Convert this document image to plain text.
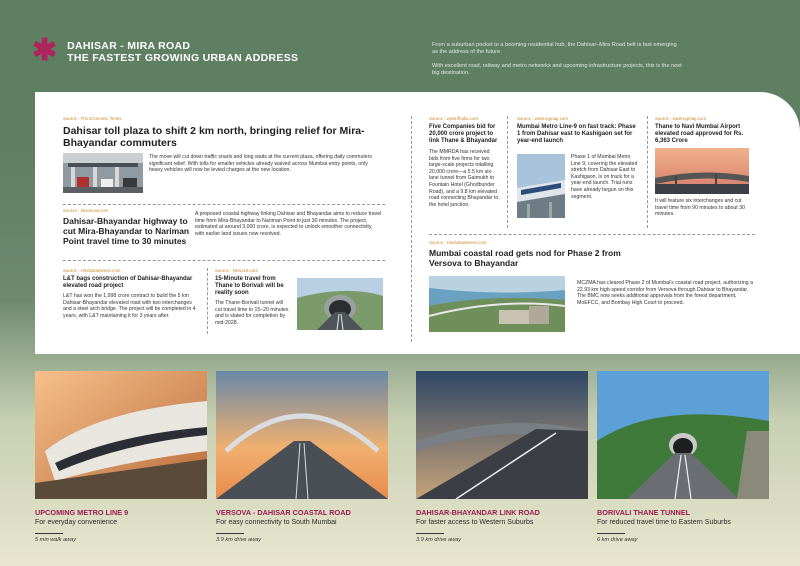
✱ DAHISAR - MIRA ROAD
THE FASTEST GROWING URBAN ADDRESS

From a suburban pocket to a booming residential hub, the Dahisar–Mira Road belt is fast emerging as the address of the future.

With excellent road, railway and metro networks and upcoming infrastructure projects, this is the next big destination.

Source : The Economic Times
Dahisar toll plaza to shift 2 km north, bringing relief for Mira-Bhayandar commuters
The move will cut down traffic snarls and long waits at the current plaza, offering daily commuters significant relief. With tolls for smaller vehicles already waived across Mumbai entry points, only heavy vehicles will now be levied charges at the new location.
Source : timesnow.com
Dahisar-Bhayandar highway to cut Mira-Bhayandar to Nariman Point travel time to 30 minutes
A proposed coastal highway linking Dahisar and Bhayandar aims to reduce travel time from Mira-Bhayandar to Nariman Point to just 30 minutes. The project, estimated at around 3,000 crore, is expected to unlock smoother connectivity, with earlier land issues now resolved.
Source : Hindustantimes.com
L&T bags construction of Dahisar-Bhayandar elevated road project
L&T has won the 1,998 crore contract to build the 5 km Dahisar-Bhayandar elevated road with two interchanges and a steel arch bridge. The project will be completed in 4 years, with L&T maintaining it for 3 years after.
Source : News18.com
15-Minute travel from Thane to Borivali will be reality soon
The Thane-Borivali tunnel will cut travel time to 15–20 minutes and is slated for completion by mid-2028.
Source : www.lfindia.com
Five Companies bid for 20,000 crore project to link Thane & Bhayandar
The MMRDA has received bids from five firms for two large-scale projects totalling 20,000 crore—a 5.5 km six-lane tunnel from Gaimukh to Fountain Hotel (Ghodbunder Road), and a 9.8 km elevated road connecting Bhayandar to the hotel junction.
Source : www.ngmag.com
Mumbai Metro Line-9 on fast track: Phase 1 from Dahisar east to Kashigaon set for year-end launch
Phase 1 of Mumbai Metro Line 9, covering the elevated stretch from Dahisar East to Kashigaon, is on track for a year-end launch. Trial runs have already begun on this segment.
Source : www.ngmag.com
Thane to Navi Mumbai Airport elevated road approved for Rs. 6,363 Crore
It will feature six interchanges and cut travel time from 90 minutes to about 30 minutes.
Source : Hindustantimes.com
Mumbai coastal road gets nod for Phase 2 from Versova to Bhayandar
MCZMA has cleared Phase 2 of Mumbai's coastal road project, authorizing a 22.93 km high-speed corridor from Versova through Dahisar to Bhayandar. The BMC now seeks additional approvals from the forest department, MoEFCC, and Bombay High Court to proceed.
UPCOMING METRO LINE 9
For everyday convenience
5 min walk away
VERSOVA - DAHISAR COASTAL ROAD
For easy connectivity to South Mumbai
3.9 km drive away
DAHISAR-BHAYANDAR LINK ROAD
For faster access to Western Suburbs
3.9 km drive away
BORIVALI THANE TUNNEL
For reduced travel time to Eastern Suburbs
6 km drive away
